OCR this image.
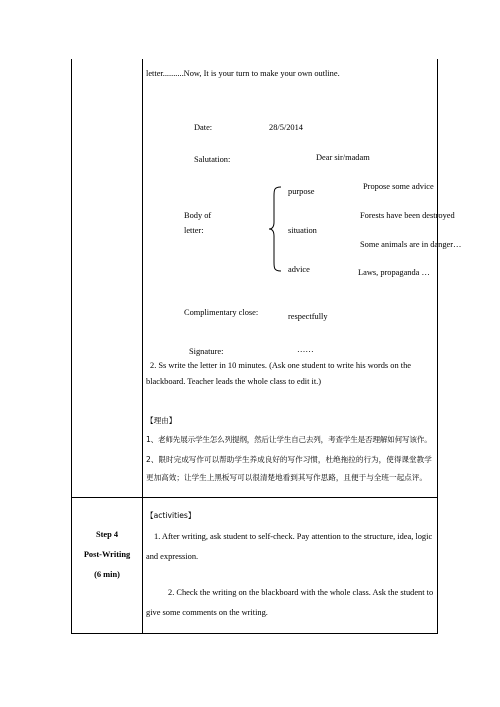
letter..........Now, It is your turn to make your own outline.
Date:	28/5/2014
Salutation:	Dear sir/madam
Body of
letter:
purpose
Propose some advice
situation
Forests have been destroyed
Some animals are in danger…
advice	Laws, propaganda …
Complimentary close:	respectfully
Signature:	……
2. Ss write the letter in 10 minutes. (Ask one student to write his words on the blackboard. Teacher leads the whole class to edit it.)
【理由】
1、老师先展示学生怎么列提纲，然后让学生自己去列，考查学生是否理解如何写该作。
2、限时完成写作可以帮助学生养成良好的写作习惯，杜绝拖拉的行为，使得课堂教学更加高效；让学生上黑板写可以很清楚地看到其写作思路，且便于与全班一起点评。
Step 4
Post-Writing
(6 min)
【activities】
1. After writing, ask student to self-check. Pay attention to the structure, idea, logic and expression.
2. Check the writing on the blackboard with the whole class. Ask the student to give some comments on the writing.
